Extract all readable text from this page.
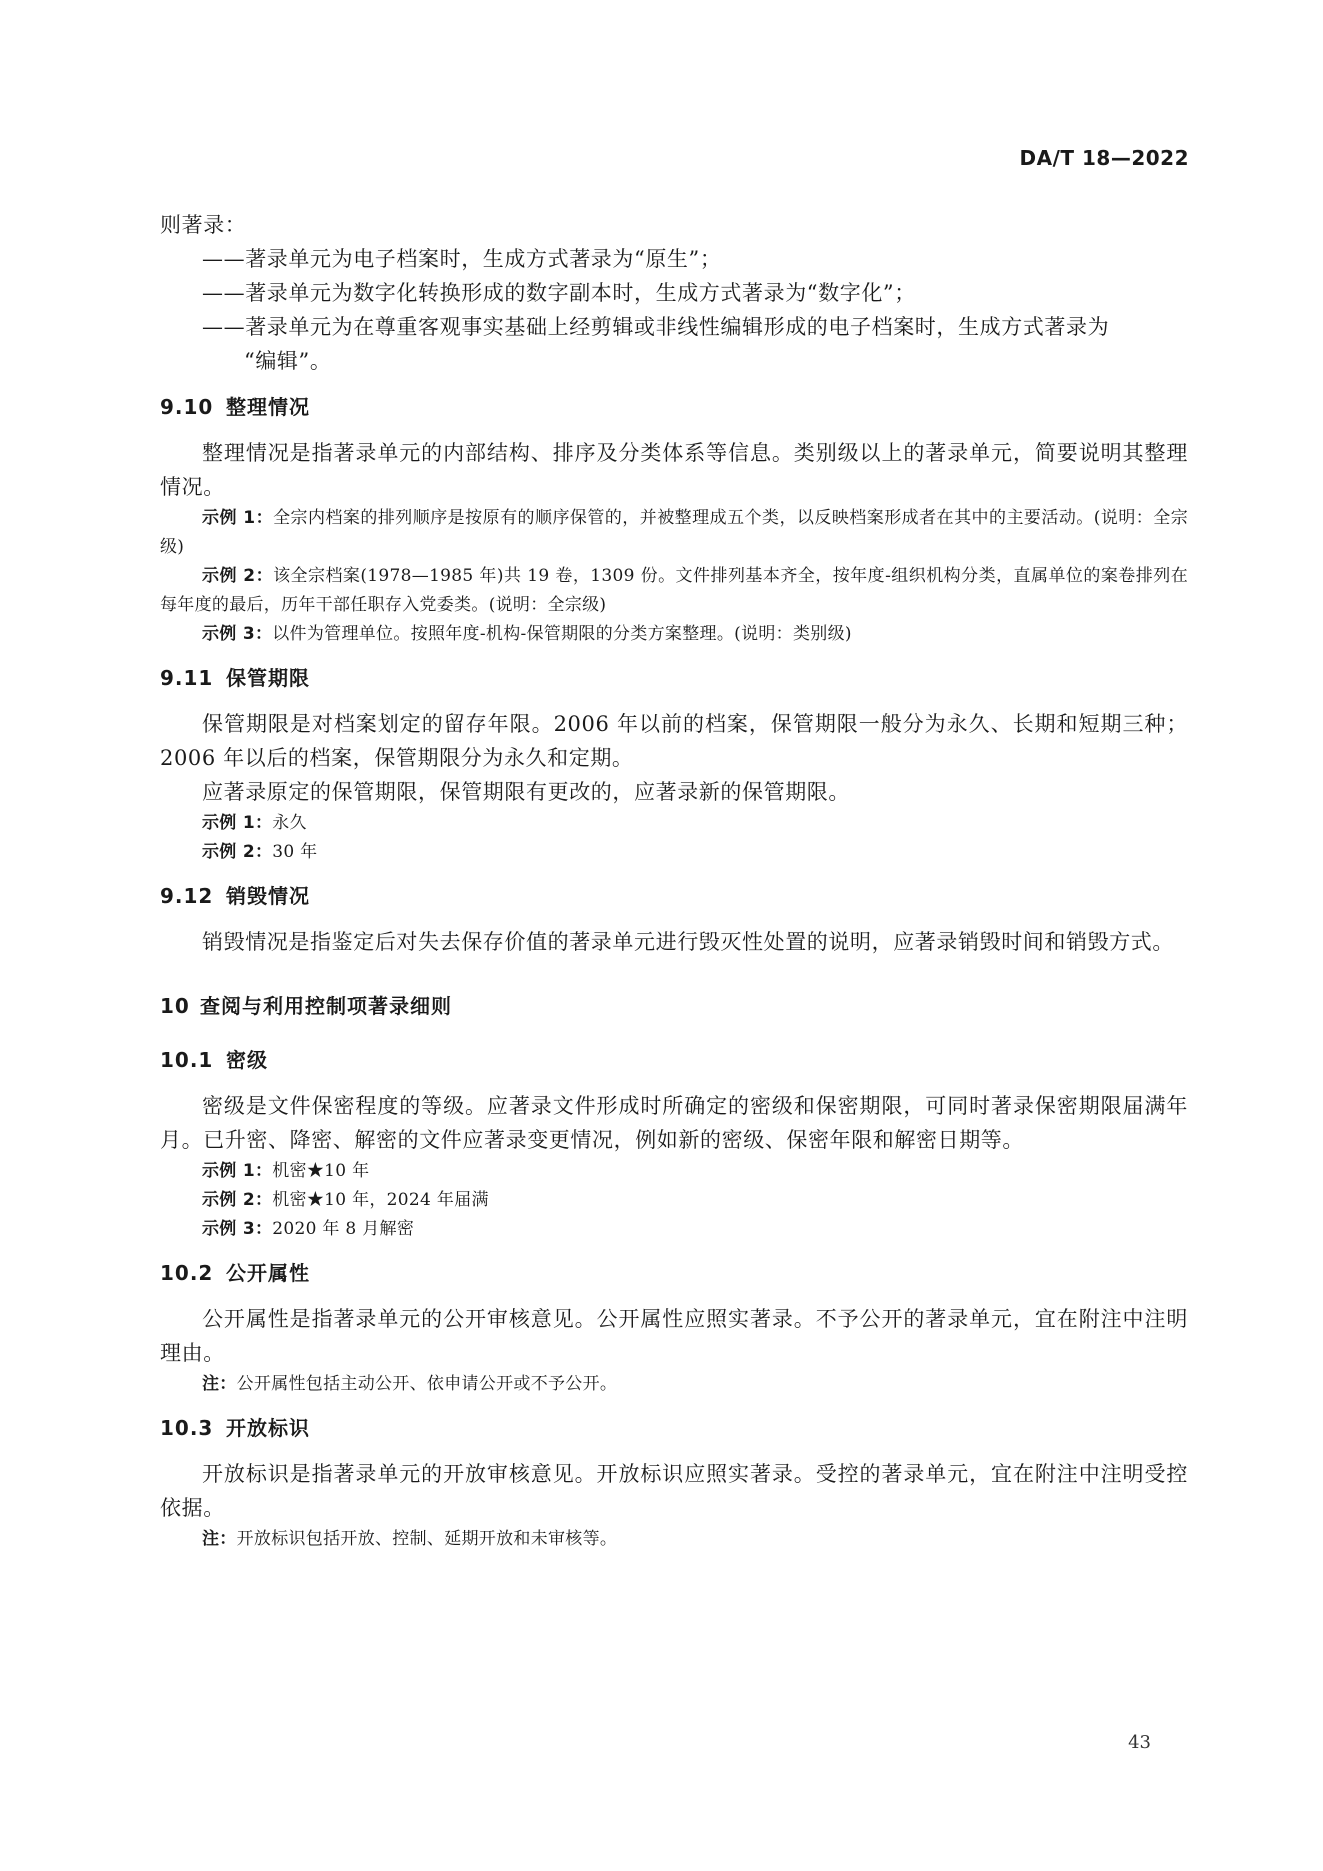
DA/T 18—2022

则著录：

——著录单元为电子档案时，生成方式著录为“原生”；

——著录单元为数字化转换形成的数字副本时，生成方式著录为“数字化”；

——著录单元为在尊重客观事实基础上经剪辑或非线性编辑形成的电子档案时，生成方式著录为
“编辑”。

9.10 整理情况

整理情况是指著录单元的内部结构、排序及分类体系等信息。类别级以上的著录单元，简要说明其整理情况。

示例 1：全宗内档案的排列顺序是按原有的顺序保管的，并被整理成五个类，以反映档案形成者在其中的主要活动。(说明：全宗级)

示例 2：该全宗档案(1978—1985 年)共 19 卷，1309 份。文件排列基本齐全，按年度-组织机构分类，直属单位的案卷排列在每年度的最后，历年干部任职存入党委类。(说明：全宗级)

示例 3：以件为管理单位。按照年度-机构-保管期限的分类方案整理。(说明：类别级)

9.11 保管期限

保管期限是对档案划定的留存年限。2006 年以前的档案，保管期限一般分为永久、长期和短期三种；2006 年以后的档案，保管期限分为永久和定期。

应著录原定的保管期限，保管期限有更改的，应著录新的保管期限。

示例 1：永久

示例 2：30 年

9.12 销毁情况

销毁情况是指鉴定后对失去保存价值的著录单元进行毁灭性处置的说明，应著录销毁时间和销毁方式。

10 查阅与利用控制项著录细则
10.1 密级

密级是文件保密程度的等级。应著录文件形成时所确定的密级和保密期限，可同时著录保密期限届满年月。已升密、降密、解密的文件应著录变更情况，例如新的密级、保密年限和解密日期等。

示例 1：机密★10 年

示例 2：机密★10 年，2024 年届满

示例 3：2020 年 8 月解密

10.2 公开属性

公开属性是指著录单元的公开审核意见。公开属性应照实著录。不予公开的著录单元，宜在附注中注明理由。

注：公开属性包括主动公开、依申请公开或不予公开。

10.3 开放标识

开放标识是指著录单元的开放审核意见。开放标识应照实著录。受控的著录单元，宜在附注中注明受控依据。

注：开放标识包括开放、控制、延期开放和未审核等。

43
